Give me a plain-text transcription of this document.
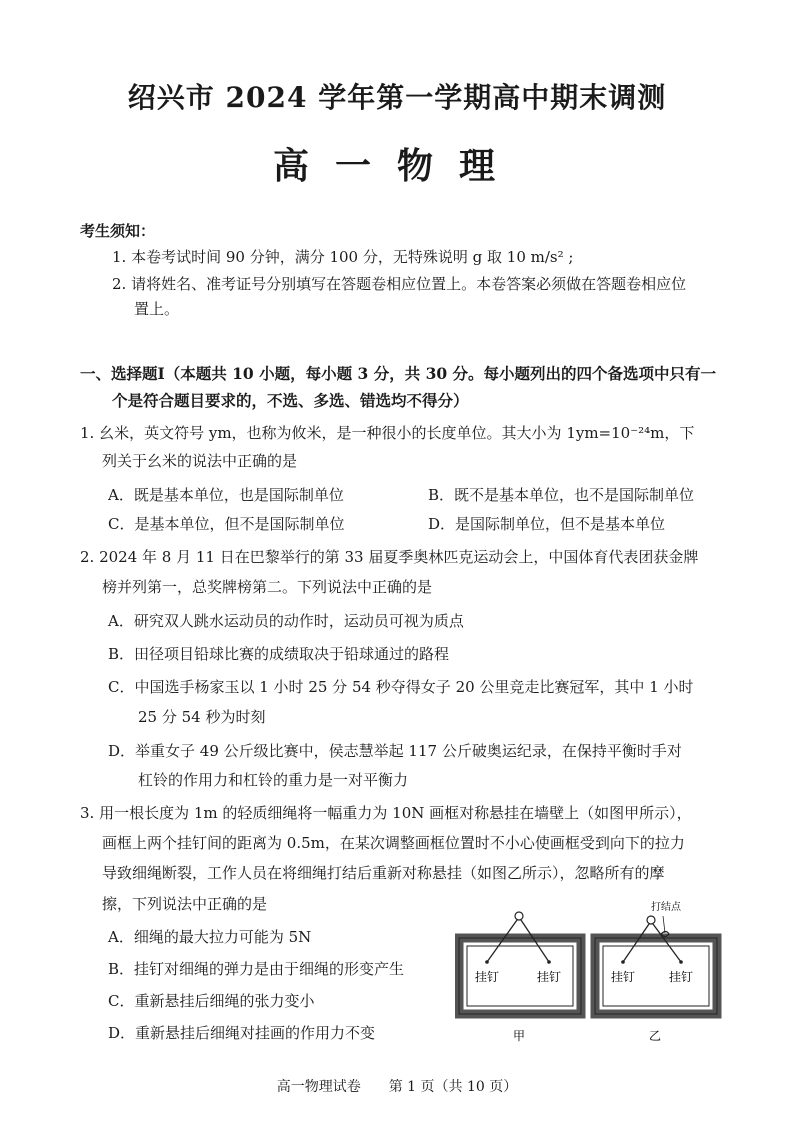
绍兴市 2024 学年第一学期高中期末调测
高一物理
考生须知：
1. 本卷考试时间 90 分钟，满分 100 分，无特殊说明 g 取 10 m/s² ;
2. 请将姓名、准考证号分别填写在答题卷相应位置上。本卷答案必须做在答题卷相应位
置上。
一、选择题Ⅰ（本题共 10 小题，每小题 3 分，共 30 分。每小题列出的四个备选项中只有一
个是符合题目要求的，不选、多选、错选均不得分）
1. 幺米，英文符号 ym，也称为攸米，是一种很小的长度单位。其大小为 1ym=10⁻²⁴m，下
列关于幺米的说法中正确的是
A．既是基本单位，也是国际制单位	B．既不是基本单位，也不是国际制单位
C．是基本单位，但不是国际制单位	D．是国际制单位，但不是基本单位
2. 2024 年 8 月 11 日在巴黎举行的第 33 届夏季奥林匹克运动会上，中国体育代表团获金牌
榜并列第一，总奖牌榜第二。下列说法中正确的是
A．研究双人跳水运动员的动作时，运动员可视为质点
B．田径项目铅球比赛的成绩取决于铅球通过的路程
C．中国选手杨家玉以 1 小时 25 分 54 秒夺得女子 20 公里竞走比赛冠军，其中 1 小时
25 分 54 秒为时刻
D．举重女子 49 公斤级比赛中，侯志慧举起 117 公斤破奥运纪录，在保持平衡时手对
杠铃的作用力和杠铃的重力是一对平衡力
3. 用一根长度为 1m 的轻质细绳将一幅重力为 10N 画框对称悬挂在墙壁上（如图甲所示），
画框上两个挂钉间的距离为 0.5m，在某次调整画框位置时不小心使画框受到向下的拉力
导致细绳断裂，工作人员在将细绳打结后重新对称悬挂（如图乙所示），忽略所有的摩
擦，下列说法中正确的是
A．细绳的最大拉力可能为 5N
B．挂钉对细绳的弹力是由于细绳的形变产生
C．重新悬挂后细绳的张力变小
D．重新悬挂后细绳对挂画的作用力不变
挂钉	挂钉
打结点
挂钉	挂钉
甲	乙
高一物理试卷　　第 1 页（共 10 页）
